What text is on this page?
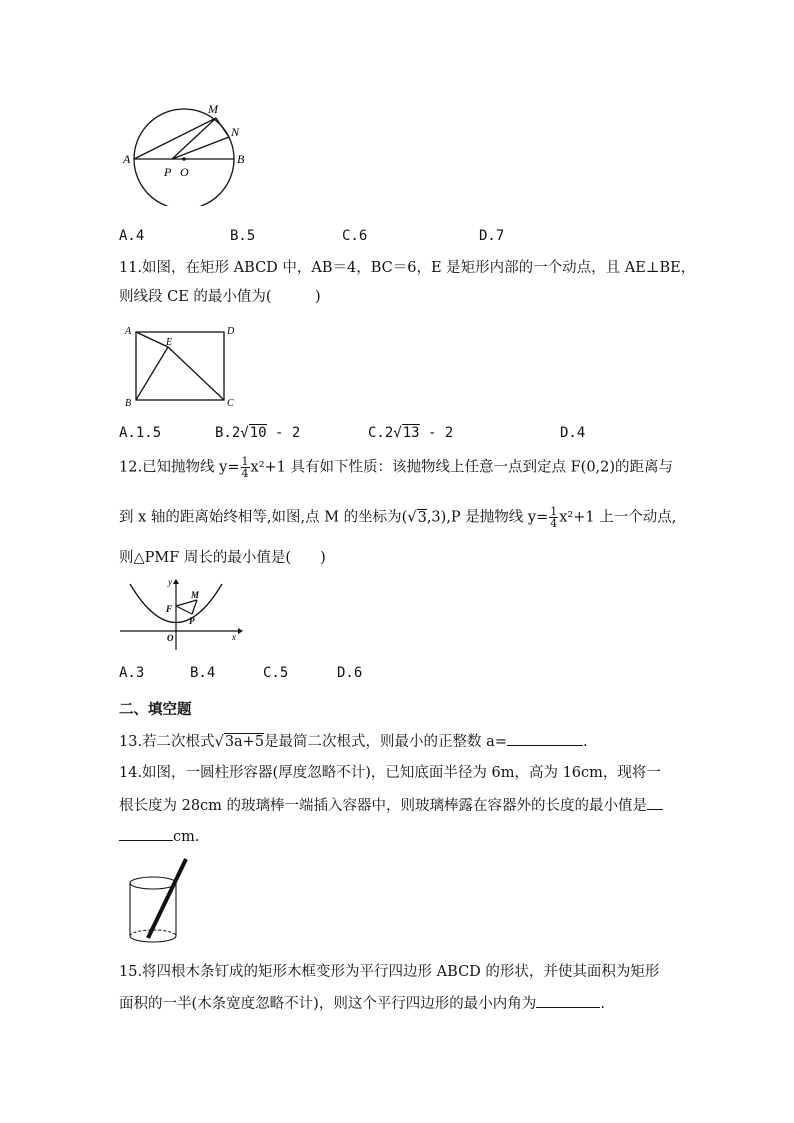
M
N
A	B
P O
A.4	B.5	C.6	D.7
11.如图，在矩形 ABCD 中，AB＝4，BC＝6，E 是矩形内部的一个动点，且 AE⊥BE，
则线段 CE 的最小值为(　　　)
A	D
E
B	C
A.1.5	B.2√10 - 2	C.2√13 - 2	D.4
12.已知抛物线 $y= \frac{1}{4} x^2+1$ 具有如下性质：该抛物线上任意一点到定点 F(0,2)的距离与
到 x 轴的距离始终相等,如图,点 M 的坐标为(√3,3),P 是抛物线 $y= \frac{1}{4} x^2+1$ 上一个动点,
则△PMF 周长的最小值是(　　)
y
M
F
P
O	x
A.3	B.4	C.5	D.6
二、填空题
13.若二次根式√3a+5是最简二次根式，则最小的正整数 a=	.
14.如图，一圆柱形容器(厚度忽略不计)，已知底面半径为 6m，高为 16cm，现将一
根长度为 28cm 的玻璃棒一端插入容器中，则玻璃棒露在容器外的长度的最小值是
cm.
15.将四根木条钉成的矩形木框变形为平行四边形 ABCD 的形状，并使其面积为矩形
面积的一半(木条宽度忽略不计)，则这个平行四边形的最小内角为	.
